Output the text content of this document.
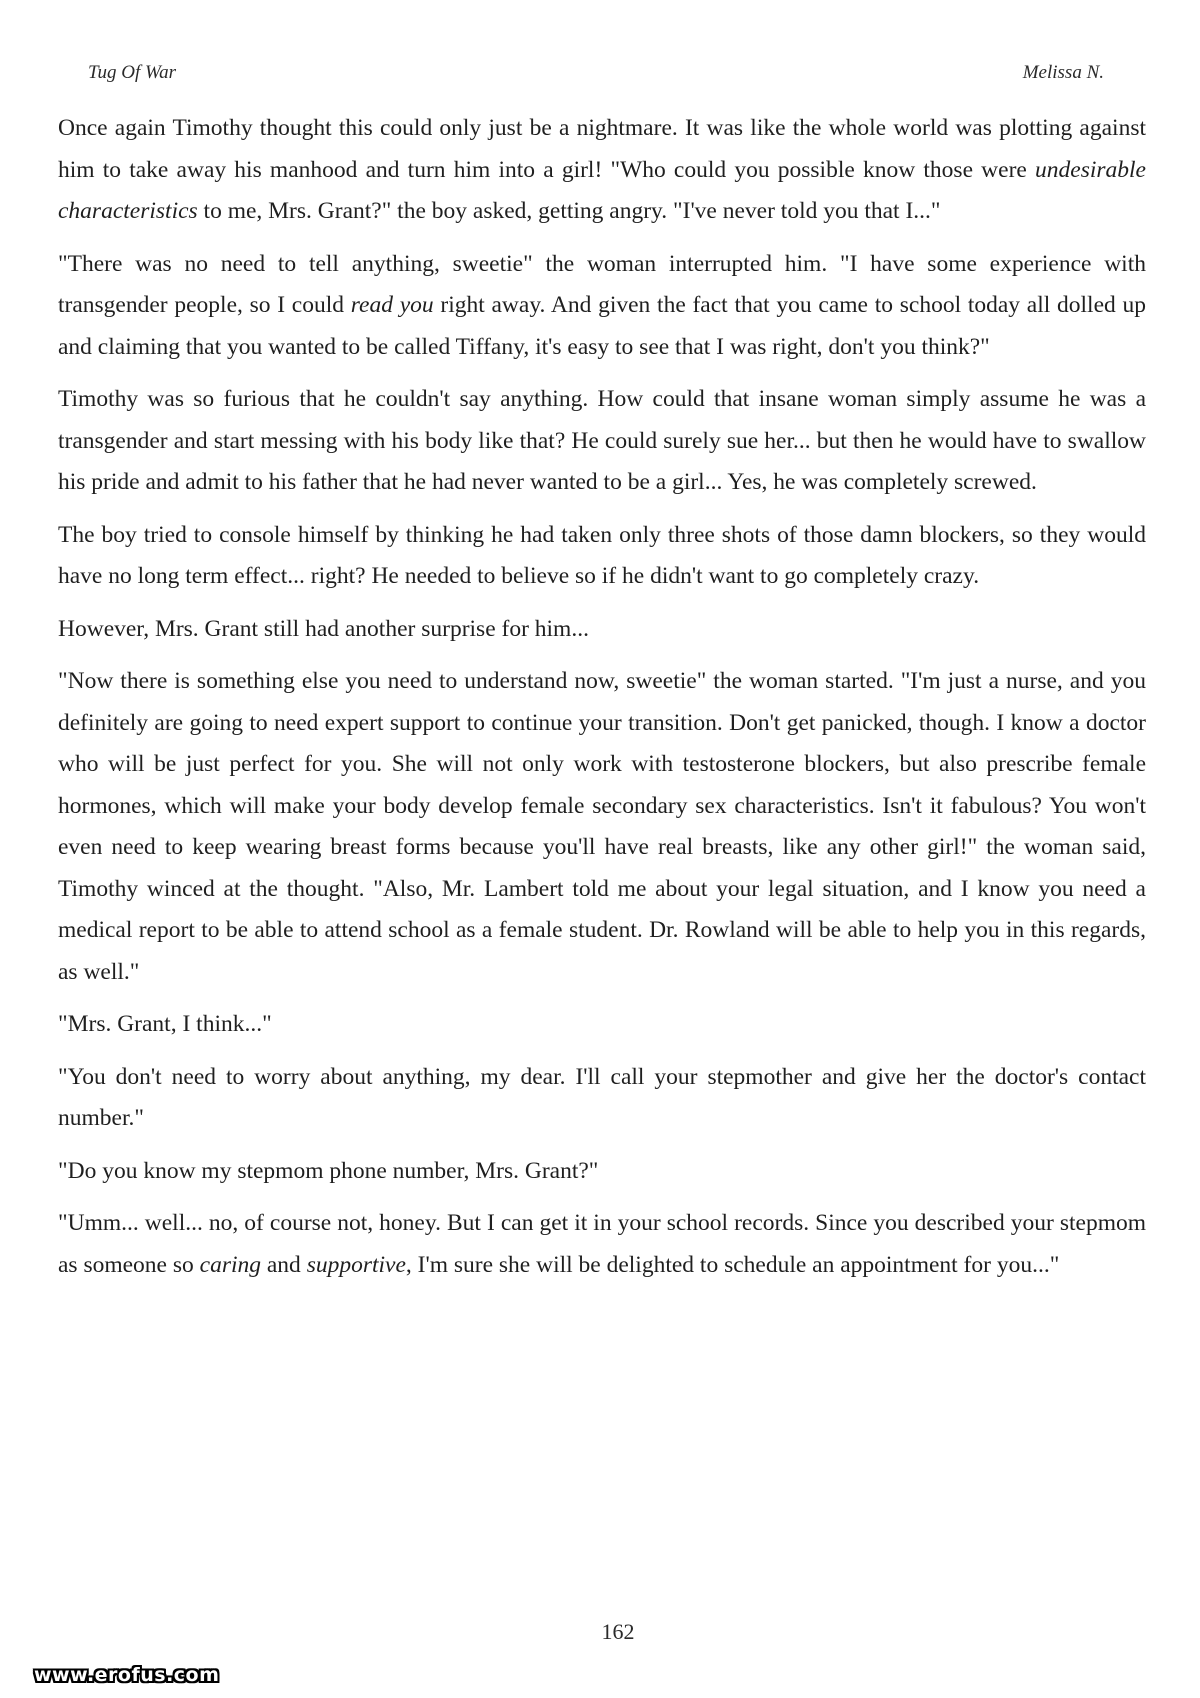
Tug Of War	Melissa N.

Once again Timothy thought this could only just be a nightmare. It was like the whole world was plotting against him to take away his manhood and turn him into a girl! "Who could you possible know those were undesirable characteristics to me, Mrs. Grant?" the boy asked, getting angry. "I've never told you that I..."

"There was no need to tell anything, sweetie" the woman interrupted him. "I have some experience with transgender people, so I could read you right away. And given the fact that you came to school today all dolled up and claiming that you wanted to be called Tiffany, it's easy to see that I was right, don't you think?"

Timothy was so furious that he couldn't say anything. How could that insane woman simply assume he was a transgender and start messing with his body like that? He could surely sue her... but then he would have to swallow his pride and admit to his father that he had never wanted to be a girl... Yes, he was completely screwed.

The boy tried to console himself by thinking he had taken only three shots of those damn blockers, so they would have no long term effect... right? He needed to believe so if he didn't want to go completely crazy.

However, Mrs. Grant still had another surprise for him...

"Now there is something else you need to understand now, sweetie" the woman started. "I'm just a nurse, and you definitely are going to need expert support to continue your transition. Don't get panicked, though. I know a doctor who will be just perfect for you. She will not only work with testosterone blockers, but also prescribe female hormones, which will make your body develop female secondary sex characteristics. Isn't it fabulous? You won't even need to keep wearing breast forms because you'll have real breasts, like any other girl!" the woman said, Timothy winced at the thought. "Also, Mr. Lambert told me about your legal situation, and I know you need a medical report to be able to attend school as a female student. Dr. Rowland will be able to help you in this regards, as well."

"Mrs. Grant, I think..."

"You don't need to worry about anything, my dear. I'll call your stepmother and give her the doctor's contact number."

"Do you know my stepmom phone number, Mrs. Grant?"

"Umm... well... no, of course not, honey. But I can get it in your school records. Since you described your stepmom as someone so caring and supportive, I'm sure she will be delighted to schedule an appointment for you..."

162
www.erofus.com
